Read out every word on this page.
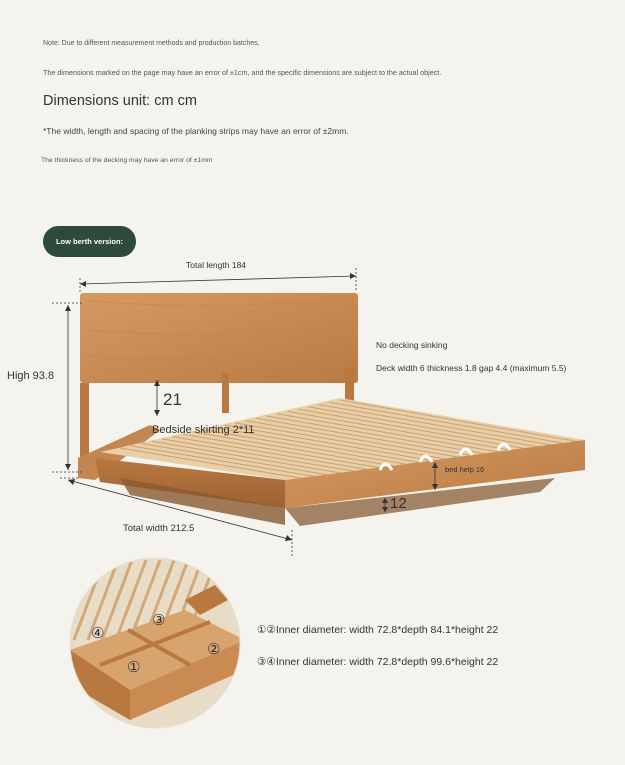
Note: Due to different measurement methods and production batches,
The dimensions marked on the page may have an error of ±1cm, and the specific dimensions are subject to the actual object.
Dimensions unit: cm cm
*The width, length and spacing of the planking strips may have an error of ±2mm.
The thickness of the decking may have an error of ±1mm
Low berth version:
Total length 184
High 93.8
21
No decking sinking
Deck width 6 thickness 1.8 gap 4.4 (maximum 5.5)
Bedside skirting 2*11
bed help 16
12
Total width 212.5
④
③
②
①
①②Inner diameter: width 72.8*depth 84.1*height 22
③④Inner diameter: width 72.8*depth 99.6*height 22
